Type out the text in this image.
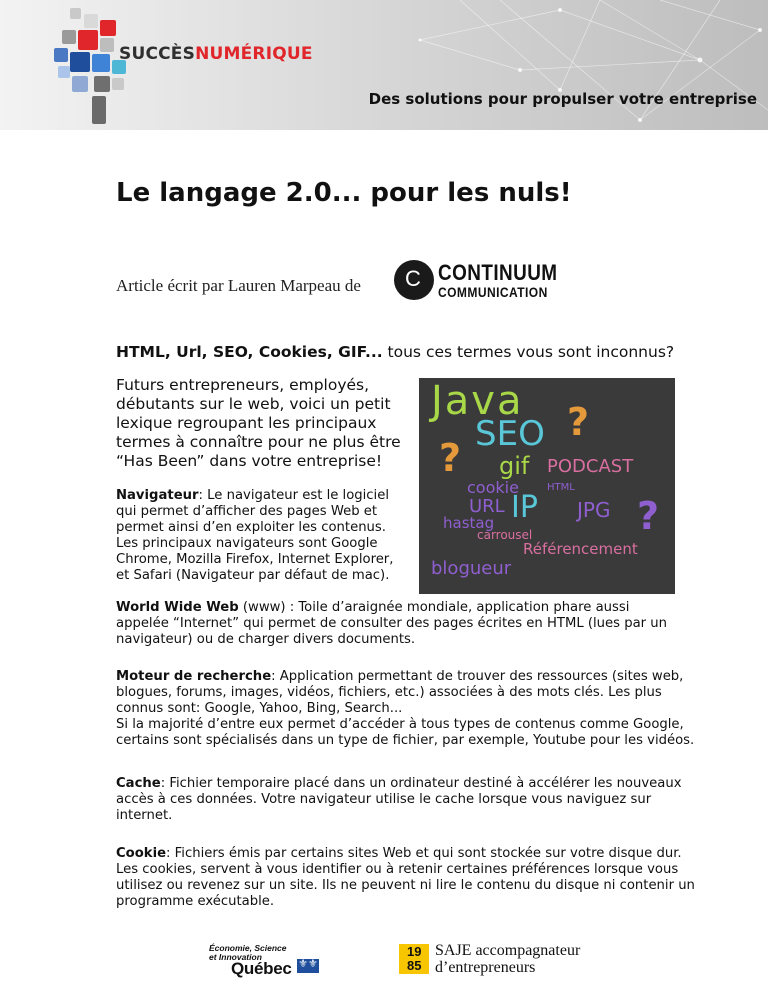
SUCCÈSNUMÉRIQUE
Des solutions pour propulser votre entreprise
Le langage 2.0... pour les nuls!
Article écrit par Lauren Marpeau de C CONTINUUM
COMMUNICATION
HTML, Url, SEO, Cookies, GIF... tous ces termes vous sont inconnus?
Futurs entrepreneurs, employés, débutants sur le web, voici un petit lexique regroupant les principaux termes à connaître pour ne plus être “Has Been” dans votre entreprise!
Java
SEO ?
? gif PODCAST
cookie	HTML
URL IP JPG ?
hastag
carrousel
Référencement
blogueur

Navigateur: Le navigateur est le logiciel qui permet d’afficher des pages Web et permet ainsi d’en exploiter les contenus. Les principaux navigateurs sont Google Chrome, Mozilla Firefox, Internet Explorer, et Safari (Navigateur par défaut de mac).

World Wide Web (www) : Toile d’araignée mondiale, application phare aussi appelée “Internet” qui permet de consulter des pages écrites en HTML (lues par un navigateur) ou de charger divers documents.

Moteur de recherche: Application permettant de trouver des ressources (sites web, blogues, forums, images, vidéos, fichiers, etc.) associées à des mots clés. Les plus connus sont: Google, Yahoo, Bing, Search...

Si la majorité d’entre eux permet d’accéder à tous types de contenus comme Google, certains sont spécialisés dans un type de fichier, par exemple, Youtube pour les vidéos.

Cache: Fichier temporaire placé dans un ordinateur destiné à accélérer les nouveaux accès à ces données. Votre navigateur utilise le cache lorsque vous naviguez sur internet.

Cookie: Fichiers émis par certains sites Web et qui sont stockée sur votre disque dur. Les cookies, servent à vous identifier ou à retenir certaines préférences lorsque vous utilisez ou revenez sur un site. Ils ne peuvent ni lire le contenu du disque ni contenir un programme exécutable.

Économie, Science et Innovation
Québec ⚜⚜
19
85
SAJE accompagnateur
d’entrepreneurs
